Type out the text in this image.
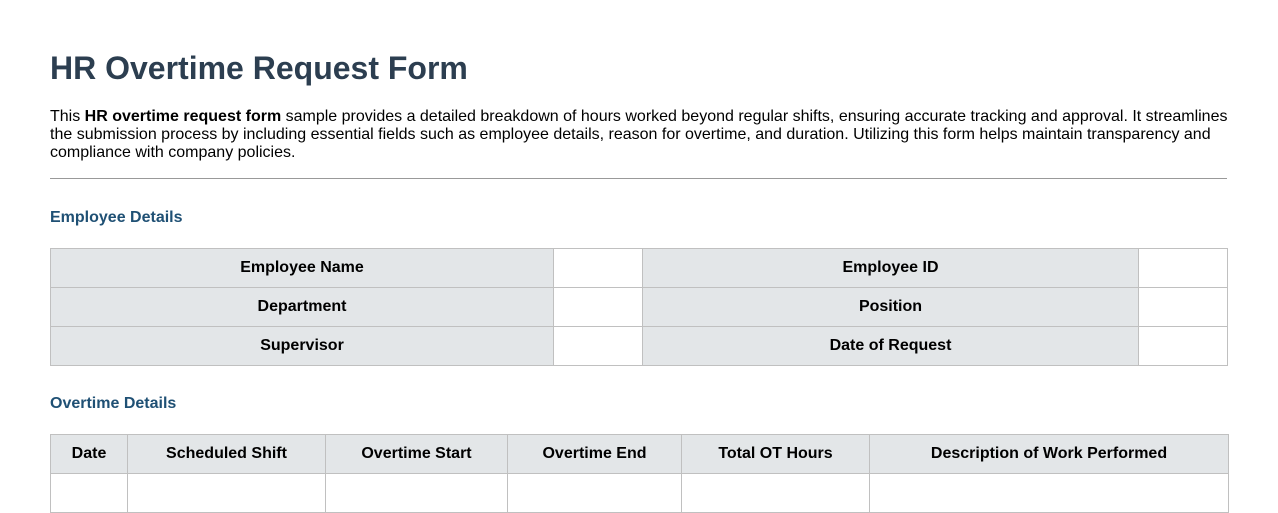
HR Overtime Request Form

This HR overtime request form sample provides a detailed breakdown of hours worked beyond regular shifts, ensuring accurate tracking and approval. It streamlines the submission process by including essential fields such as employee details, reason for overtime, and duration. Utilizing this form helps maintain transparency and compliance with company policies.

Employee Details
Employee Name		Employee ID	
Department		Position	
Supervisor		Date of Request	
Overtime Details
Date	Scheduled Shift	Overtime Start	Overtime End	Total OT Hours	Description of Work Performed
